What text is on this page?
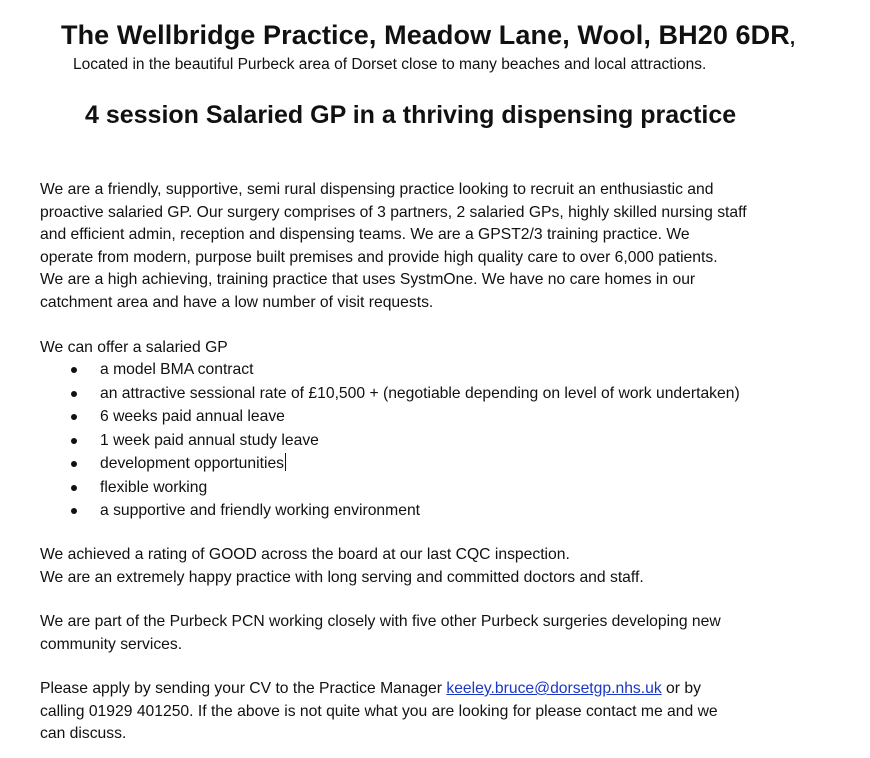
The Wellbridge Practice, Meadow Lane, Wool, BH20 6DR,
Located in the beautiful Purbeck area of Dorset close to many beaches and local attractions.
4 session Salaried GP in a thriving dispensing practice
We are a friendly, supportive, semi rural dispensing practice looking to recruit an enthusiastic and
proactive salaried GP. Our surgery comprises of 3 partners, 2 salaried GPs, highly skilled nursing staff
and efficient admin, reception and dispensing teams. We are a GPST2/3 training practice. We
operate from modern, purpose built premises and provide high quality care to over 6,000 patients.
We are a high achieving, training practice that uses SystmOne. We have no care homes in our
catchment area and have a low number of visit requests.
We can offer a salaried GP
a model BMA contract
an attractive sessional rate of £10,500 + (negotiable depending on level of work undertaken)
6 weeks paid annual leave
1 week paid annual study leave
development opportunities
flexible working
a supportive and friendly working environment
We achieved a rating of GOOD across the board at our last CQC inspection.
We are an extremely happy practice with long serving and committed doctors and staff.
We are part of the Purbeck PCN working closely with five other Purbeck surgeries developing new
community services.
Please apply by sending your CV to the Practice Manager keeley.bruce@dorsetgp.nhs.uk or by
calling 01929 401250. If the above is not quite what you are looking for please contact me and we
can discuss.
